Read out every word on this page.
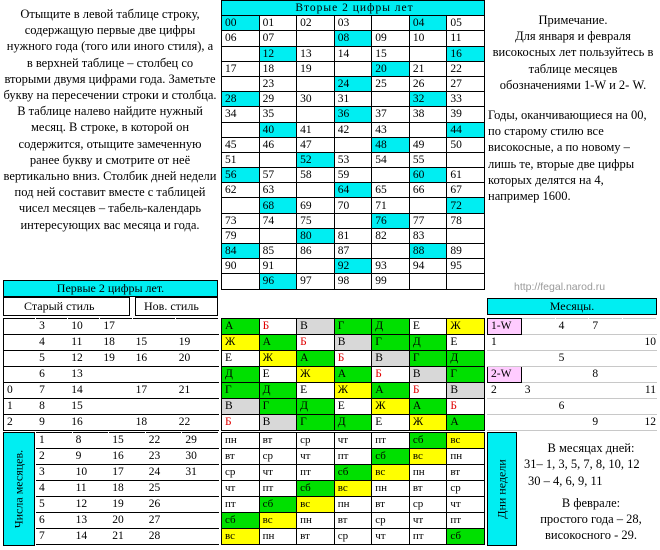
Отыщите в левой таблице строку, содержащую первые две цифры нужного года (того или иного стиля), а в верхней таблице – столбец со вторыми двумя цифрами года. Заметьте букву на пересечении строки и столбца. В таблице налево найдите нужный месяц. В строке, в которой он содержится, отыщите замеченную ранее букву и смотрите от неё вертикально вниз. Столбик дней недели под ней составит вместе с таблицей чисел месяцев – табель-календарь интересующих вас месяца и года.
Вторые 2 цифры лет						
00	01	02	03		04	05
06	07		08	09	10	11
	12	13	14	15		16
17	18	19		20	21	22
	23		24	25	26	27
28	29	30	31		32	33
34	35		36	37	38	39
	40	41	42	43		44
45	46	47		48	49	50
51		52	53	54	55	
56	57	58	59		60	61
62	63		64	65	66	67
	68	69	70	71		72
73	74	75		76	77	78
79		80	81	82	83	
84	85	86	87		88	89
90	91		92	93	94	95
	96	97	98	99		

Примечание.

Для января и февраля високосных лет пользуйтесь в таблице месяцев обозначениями 1-W и 2- W.

Годы, оканчивающиеся на 00, по старому стилю все високосные, а по новому – лишь те, вторые две цифры которых делятся на 4, например 1600.

Первые 2 цифры лет.
Старый стиль	Нов. стиль
http://fegal.narod.ru
Месяцы.
	3	10	17		
	4	11	18	15	19
	5	12	19	16	20
	6	13			
0	7	14		17	21
1	8	15			
2	9	16		18	22
А	Б	В	Г	Д	Е	Ж
Ж	А	Б	В	Г	Д	Е
Е	Ж	А	Б	В	Г	Д
Д	Е	Ж	А	Б	В	Г
Г	Д	Е	Ж	А	Б	В
В	Г	Д	Е	Ж	А	Б
Б	В	Г	Д	Е	Ж	А
1-W		4	7	
1				10
		5		
2-W			8	
2	3			11
		6		
			9	12
	1	8	15	22	29
	2	9	16	23	30
	3	10	17	24	31
	4	11	18	25	
	5	12	19	26	
	6	13	20	27	
	7	14	21	28	
Числа месяцев.
пн	вт	ср	чт	пт	сб	вс
вт	ср	чт	пт	сб	вс	пн
ср	чт	пт	сб	вс	пн	вт
чт	пт	сб	вс	пн	вт	ср
пт	сб	вс	пн	вт	ср	чт
сб	вс	пн	вт	ср	чт	пт
вс	пн	вт	ср	чт	пт	сб
Дни недели

В месяцах дней:

31– 1, 3, 5, 7, 8, 10, 12

30 – 4, 6, 9, 11

В феврале:

простого года – 28,

високосного - 29.
